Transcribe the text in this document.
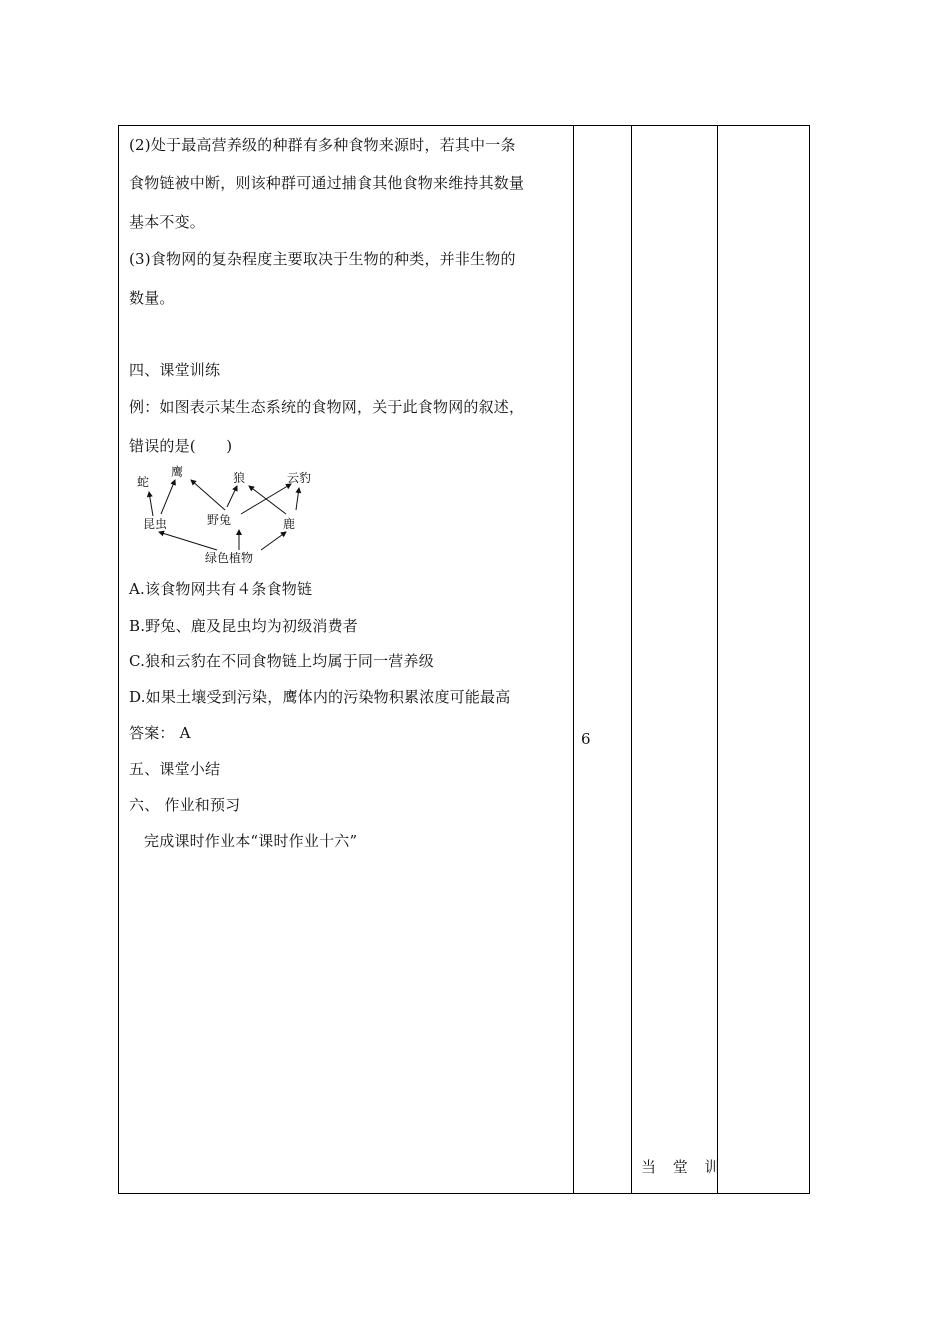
(2)处于最高营养级的种群有多种食物来源时，若其中一条
食物链被中断，则该种群可通过捕食其他食物来维持其数量
基本不变。
(3)食物网的复杂程度主要取决于生物的种类，并非生物的
数量。
四、课堂训练
例：如图表示某生态系统的食物网，关于此食物网的叙述，
错误的是(　　)
鹰
蛇	狼	云豹
昆虫	野兔	鹿
绿色植物
A.该食物网共有４条食物链
B.野兔、鹿及昆虫均为初级消费者
C.狼和云豹在不同食物链上均属于同一营养级
D.如果土壤受到污染，鹰体内的污染物积累浓度可能最高
答案： A
五、课堂小结
六、 作业和预习
完成课时作业本“课时作业十六”
6
当 堂 训
